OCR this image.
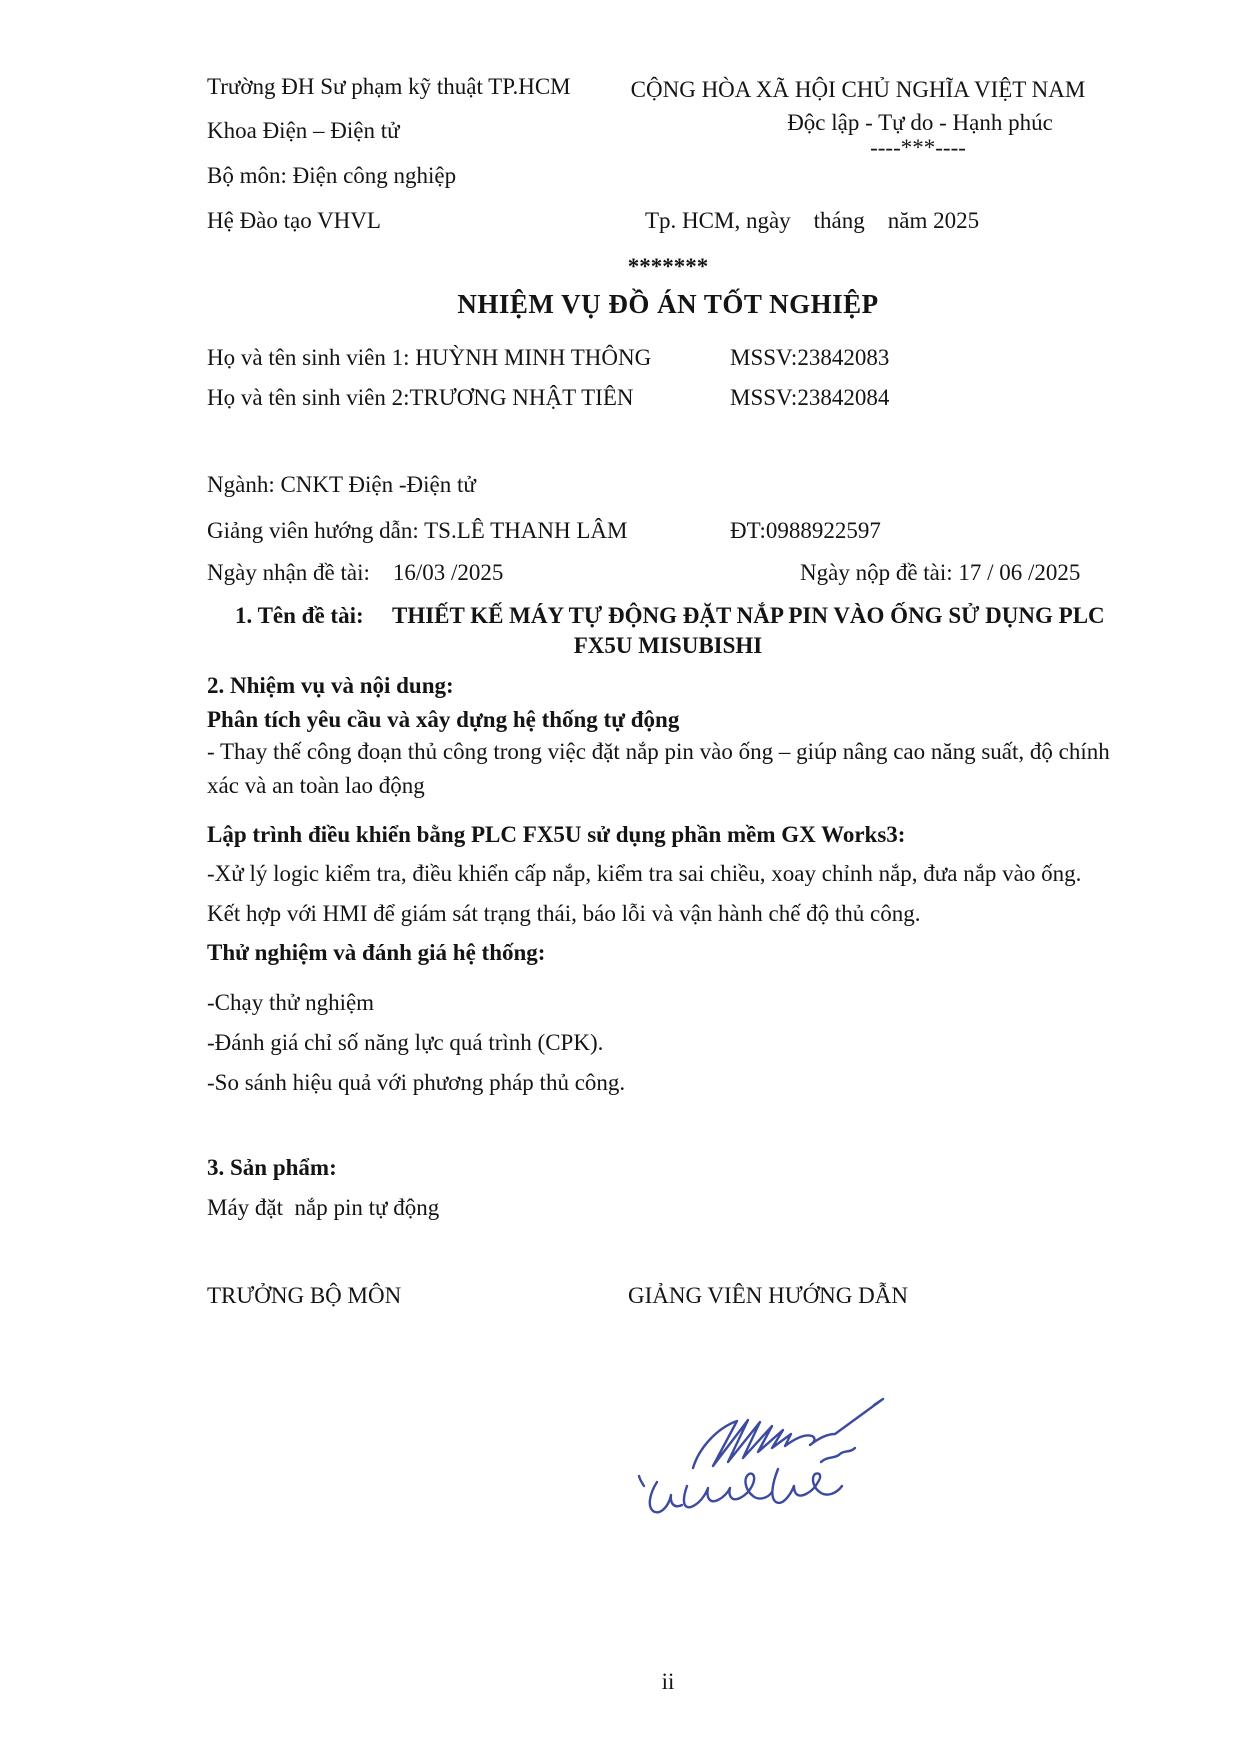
Trường ĐH Sư phạm kỹ thuật TP.HCM
Khoa Điện – Điện tử
Bộ môn: Điện công nghiệp
Hệ Đào tạo VHVL
CỘNG HÒA XÃ HỘI CHỦ NGHĨA VIỆT NAM
Độc lập - Tự do - Hạnh phúc
----***----
Tp. HCM, ngày    tháng    năm 2025
*******
NHIỆM VỤ ĐỒ ÁN TỐT NGHIỆP
Họ và tên sinh viên 1: HUỲNH MINH THÔNG	MSSV:23842083
Họ và tên sinh viên 2:TRƯƠNG NHẬT TIÊN	MSSV:23842084
Ngành: CNKT Điện -Điện tử
Giảng viên hướng dẫn: TS.LÊ THANH LÂM	ĐT:0988922597
Ngày nhận đề tài:    16/03 /2025	Ngày nộp đề tài: 17 / 06 /2025
1. Tên đề tài: THIẾT KẾ MÁY TỰ ĐỘNG ĐẶT NẮP PIN VÀO ỐNG SỬ DỤNG PLC
FX5U MISUBISHI
2. Nhiệm vụ và nội dung:
Phân tích yêu cầu và xây dựng hệ thống tự động
- Thay thế công đoạn thủ công trong việc đặt nắp pin vào ống – giúp nâng cao năng suất, độ chính
xác và an toàn lao động
Lập trình điều khiển bằng PLC FX5U sử dụng phần mềm GX Works3:
-Xử lý logic kiểm tra, điều khiển cấp nắp, kiểm tra sai chiều, xoay chỉnh nắp, đưa nắp vào ống.
Kết hợp với HMI để giám sát trạng thái, báo lỗi và vận hành chế độ thủ công.
Thử nghiệm và đánh giá hệ thống:
-Chạy thử nghiệm
-Đánh giá chỉ số năng lực quá trình (CPK).
-So sánh hiệu quả với phương pháp thủ công.
3. Sản phẩm:
Máy đặt  nắp pin tự động
TRƯỞNG BỘ MÔN	GIẢNG VIÊN HƯỚNG DẪN
ii
